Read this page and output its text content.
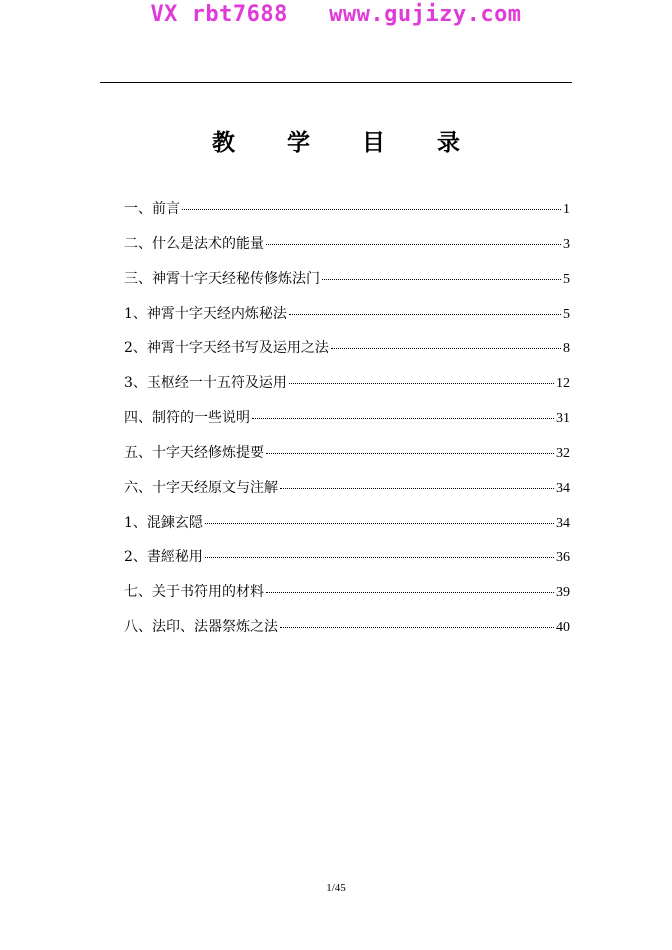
VX rbt7688   www.gujizy.com
教 学 目 录
一、前言	1
二、什么是法术的能量	3
三、神霄十字天经秘传修炼法门	5
1、神霄十字天经内炼秘法	5
2、神霄十字天经书写及运用之法	8
3、玉枢经一十五符及运用	12
四、制符的一些说明	31
五、十字天经修炼提要	32
六、十字天经原文与注解	34
1、混鍊玄隠	34
2、書經秘用	36
七、关于书符用的材料	39
八、法印、法器祭炼之法	40
1/45
